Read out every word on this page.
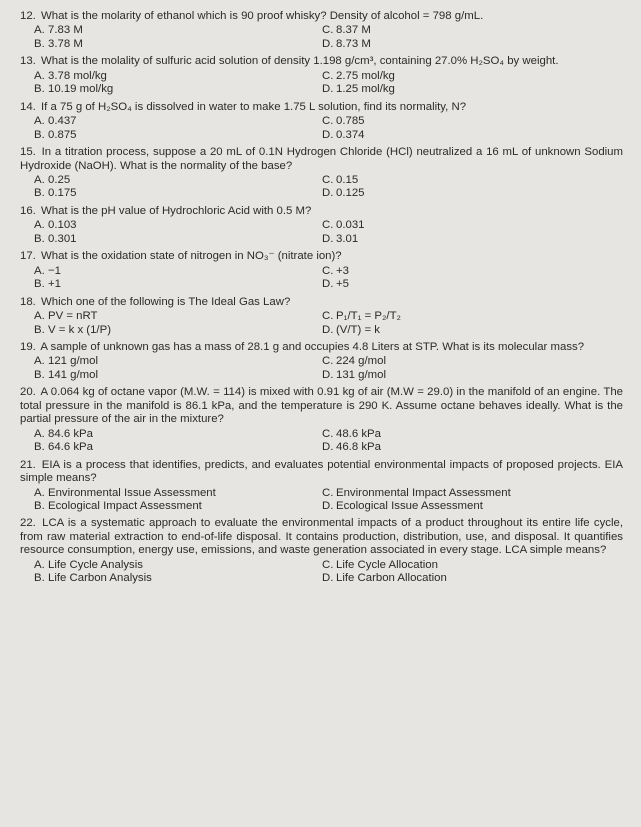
12. What is the molarity of ethanol which is 90 proof whisky? Density of alcohol = 798 g/mL.

A. 7.83 M	C. 8.37 M
B. 3.78 M	D. 8.73 M

13. What is the molality of sulfuric acid solution of density 1.198 g/cm³, containing 27.0% H₂SO₄ by weight.

A. 3.78 mol/kg	C. 2.75 mol/kg
B. 10.19 mol/kg	D. 1.25 mol/kg

14. If a 75 g of H₂SO₄ is dissolved in water to make 1.75 L solution, find its normality, N?

A. 0.437	C. 0.785
B. 0.875	D. 0.374

15. In a titration process, suppose a 20 mL of 0.1N Hydrogen Chloride (HCl) neutralized a 16 mL of unknown Sodium Hydroxide (NaOH). What is the normality of the base?

A. 0.25	C. 0.15
B. 0.175	D. 0.125

16. What is the pH value of Hydrochloric Acid with 0.5 M?

A. 0.103	C. 0.031
B. 0.301	D. 3.01

17. What is the oxidation state of nitrogen in NO₃⁻ (nitrate ion)?

A. −1	C. +3
B. +1	D. +5

18. Which one of the following is The Ideal Gas Law?

A. PV = nRT	C. P₁/T₁ = P₂/T₂
B. V = k x (1/P)	D. (V/T) = k

19. A sample of unknown gas has a mass of 28.1 g and occupies 4.8 Liters at STP. What is its molecular mass?

A. 121 g/mol	C. 224 g/mol
B. 141 g/mol	D. 131 g/mol

20. A 0.064 kg of octane vapor (M.W. = 114) is mixed with 0.91 kg of air (M.W = 29.0) in the manifold of an engine. The total pressure in the manifold is 86.1 kPa, and the temperature is 290 K. Assume octane behaves ideally. What is the partial pressure of the air in the mixture?

A. 84.6 kPa	C. 48.6 kPa
B. 64.6 kPa	D. 46.8 kPa

21. EIA is a process that identifies, predicts, and evaluates potential environmental impacts of proposed projects. EIA simple means?

A. Environmental Issue Assessment	C. Environmental Impact Assessment
B. Ecological Impact Assessment	D. Ecological Issue Assessment

22. LCA is a systematic approach to evaluate the environmental impacts of a product throughout its entire life cycle, from raw material extraction to end-of-life disposal. It contains production, distribution, use, and disposal. It quantifies resource consumption, energy use, emissions, and waste generation associated in every stage. LCA simple means?

A. Life Cycle Analysis	C. Life Cycle Allocation
B. Life Carbon Analysis	D. Life Carbon Allocation
